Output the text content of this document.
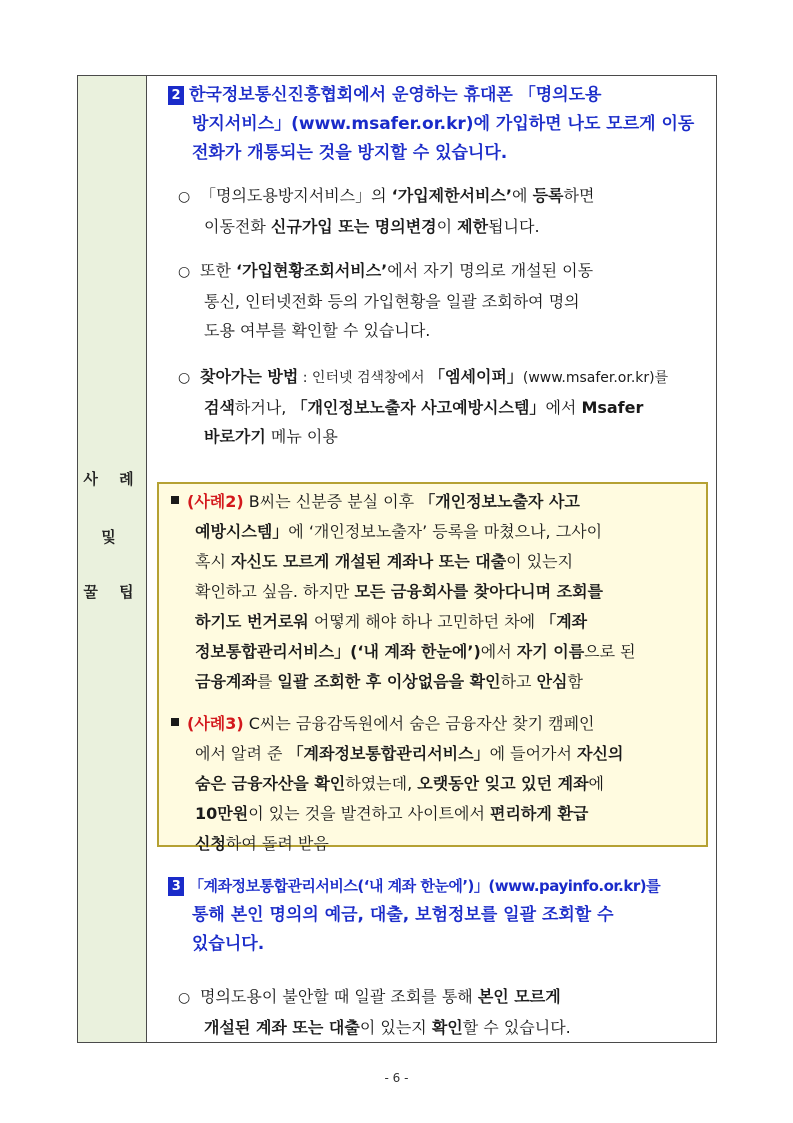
사 례
및
꿀 팁
2 한국정보통신진흥협회에서 운영하는 휴대폰 「명의도용
방지서비스」(www.msafer.or.kr)에 가입하면 나도 모르게 이동
전화가 개통되는 것을 방지할 수 있습니다.
○ 「명의도용방지서비스」의 ‘가입제한서비스’에 등록하면
이동전화 신규가입 또는 명의변경이 제한됩니다.
○ 또한 ‘가입현황조회서비스’에서 자기 명의로 개설된 이동
통신, 인터넷전화 등의 가입현황을 일괄 조회하여 명의
도용 여부를 확인할 수 있습니다.
○ 찾아가는 방법 : 인터넷 검색창에서 「엠세이퍼」(www.msafer.or.kr)를
검색하거나, 「개인정보노출자 사고예방시스템」에서 Msafer
바로가기 메뉴 이용
(사례2) B씨는 신분증 분실 이후 「개인정보노출자 사고
예방시스템」에 ‘개인정보노출자’ 등록을 마쳤으나, 그사이
혹시 자신도 모르게 개설된 계좌나 또는 대출이 있는지
확인하고 싶음. 하지만 모든 금융회사를 찾아다니며 조회를
하기도 번거로워 어떻게 해야 하나 고민하던 차에 「계좌
정보통합관리서비스」(‘내 계좌 한눈에’)에서 자기 이름으로 된
금융계좌를 일괄 조회한 후 이상없음을 확인하고 안심함
(사례3) C씨는 금융감독원에서 숨은 금융자산 찾기 캠페인
에서 알려 준 「계좌정보통합관리서비스」에 들어가서 자신의
숨은 금융자산을 확인하였는데, 오랫동안 잊고 있던 계좌에
10만원이 있는 것을 발견하고 사이트에서 편리하게 환급
신청하여 돌려 받음
3 「계좌정보통합관리서비스(‘내 계좌 한눈에’)」(www.payinfo.or.kr)를
통해 본인 명의의 예금, 대출, 보험정보를 일괄 조회할 수
있습니다.
○ 명의도용이 불안할 때 일괄 조회를 통해 본인 모르게
개설된 계좌 또는 대출이 있는지 확인할 수 있습니다.
- 6 -
